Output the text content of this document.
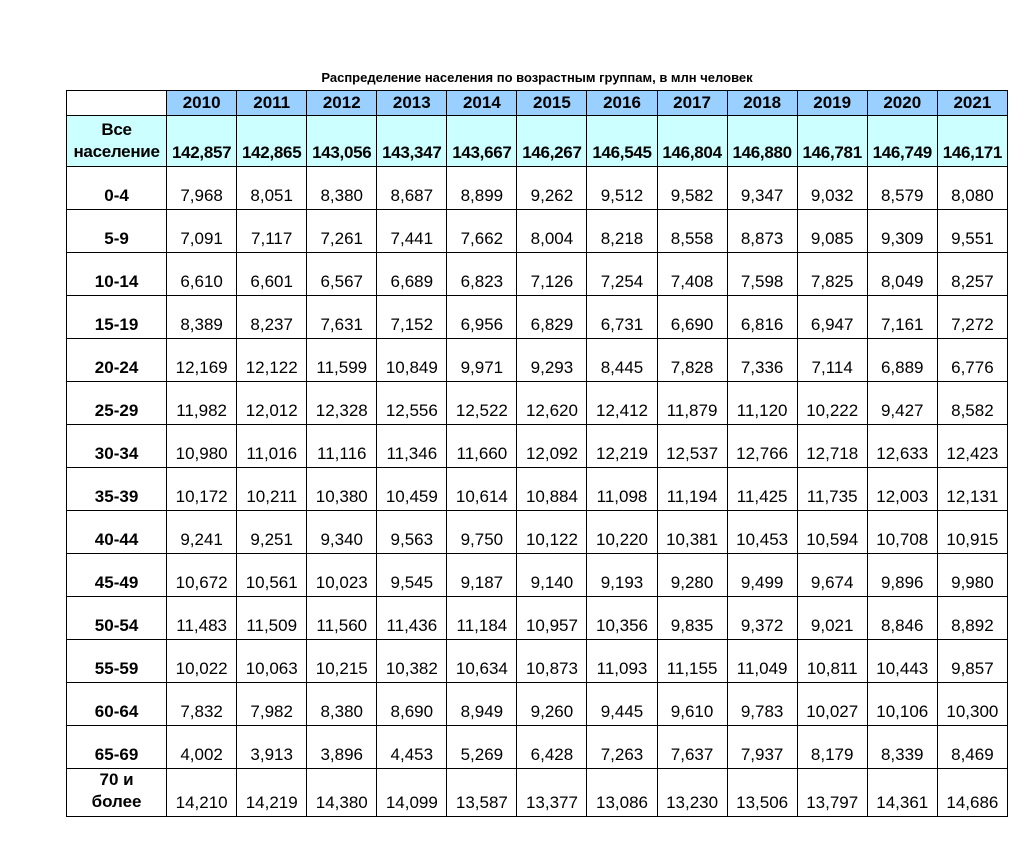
Распределение населения по возрастным группам, в млн человек
	2010	2011	2012	2013	2014	2015	2016	2017	2018	2019	2020	2021
Все
население	142,857	142,865	143,056	143,347	143,667	146,267	146,545	146,804	146,880	146,781	146,749	146,171
0-4	7,968	8,051	8,380	8,687	8,899	9,262	9,512	9,582	9,347	9,032	8,579	8,080
5-9	7,091	7,117	7,261	7,441	7,662	8,004	8,218	8,558	8,873	9,085	9,309	9,551
10-14	6,610	6,601	6,567	6,689	6,823	7,126	7,254	7,408	7,598	7,825	8,049	8,257
15-19	8,389	8,237	7,631	7,152	6,956	6,829	6,731	6,690	6,816	6,947	7,161	7,272
20-24	12,169	12,122	11,599	10,849	9,971	9,293	8,445	7,828	7,336	7,114	6,889	6,776
25-29	11,982	12,012	12,328	12,556	12,522	12,620	12,412	11,879	11,120	10,222	9,427	8,582
30-34	10,980	11,016	11,116	11,346	11,660	12,092	12,219	12,537	12,766	12,718	12,633	12,423
35-39	10,172	10,211	10,380	10,459	10,614	10,884	11,098	11,194	11,425	11,735	12,003	12,131
40-44	9,241	9,251	9,340	9,563	9,750	10,122	10,220	10,381	10,453	10,594	10,708	10,915
45-49	10,672	10,561	10,023	9,545	9,187	9,140	9,193	9,280	9,499	9,674	9,896	9,980
50-54	11,483	11,509	11,560	11,436	11,184	10,957	10,356	9,835	9,372	9,021	8,846	8,892
55-59	10,022	10,063	10,215	10,382	10,634	10,873	11,093	11,155	11,049	10,811	10,443	9,857
60-64	7,832	7,982	8,380	8,690	8,949	9,260	9,445	9,610	9,783	10,027	10,106	10,300
65-69	4,002	3,913	3,896	4,453	5,269	6,428	7,263	7,637	7,937	8,179	8,339	8,469
70 и
более	14,210	14,219	14,380	14,099	13,587	13,377	13,086	13,230	13,506	13,797	14,361	14,686
